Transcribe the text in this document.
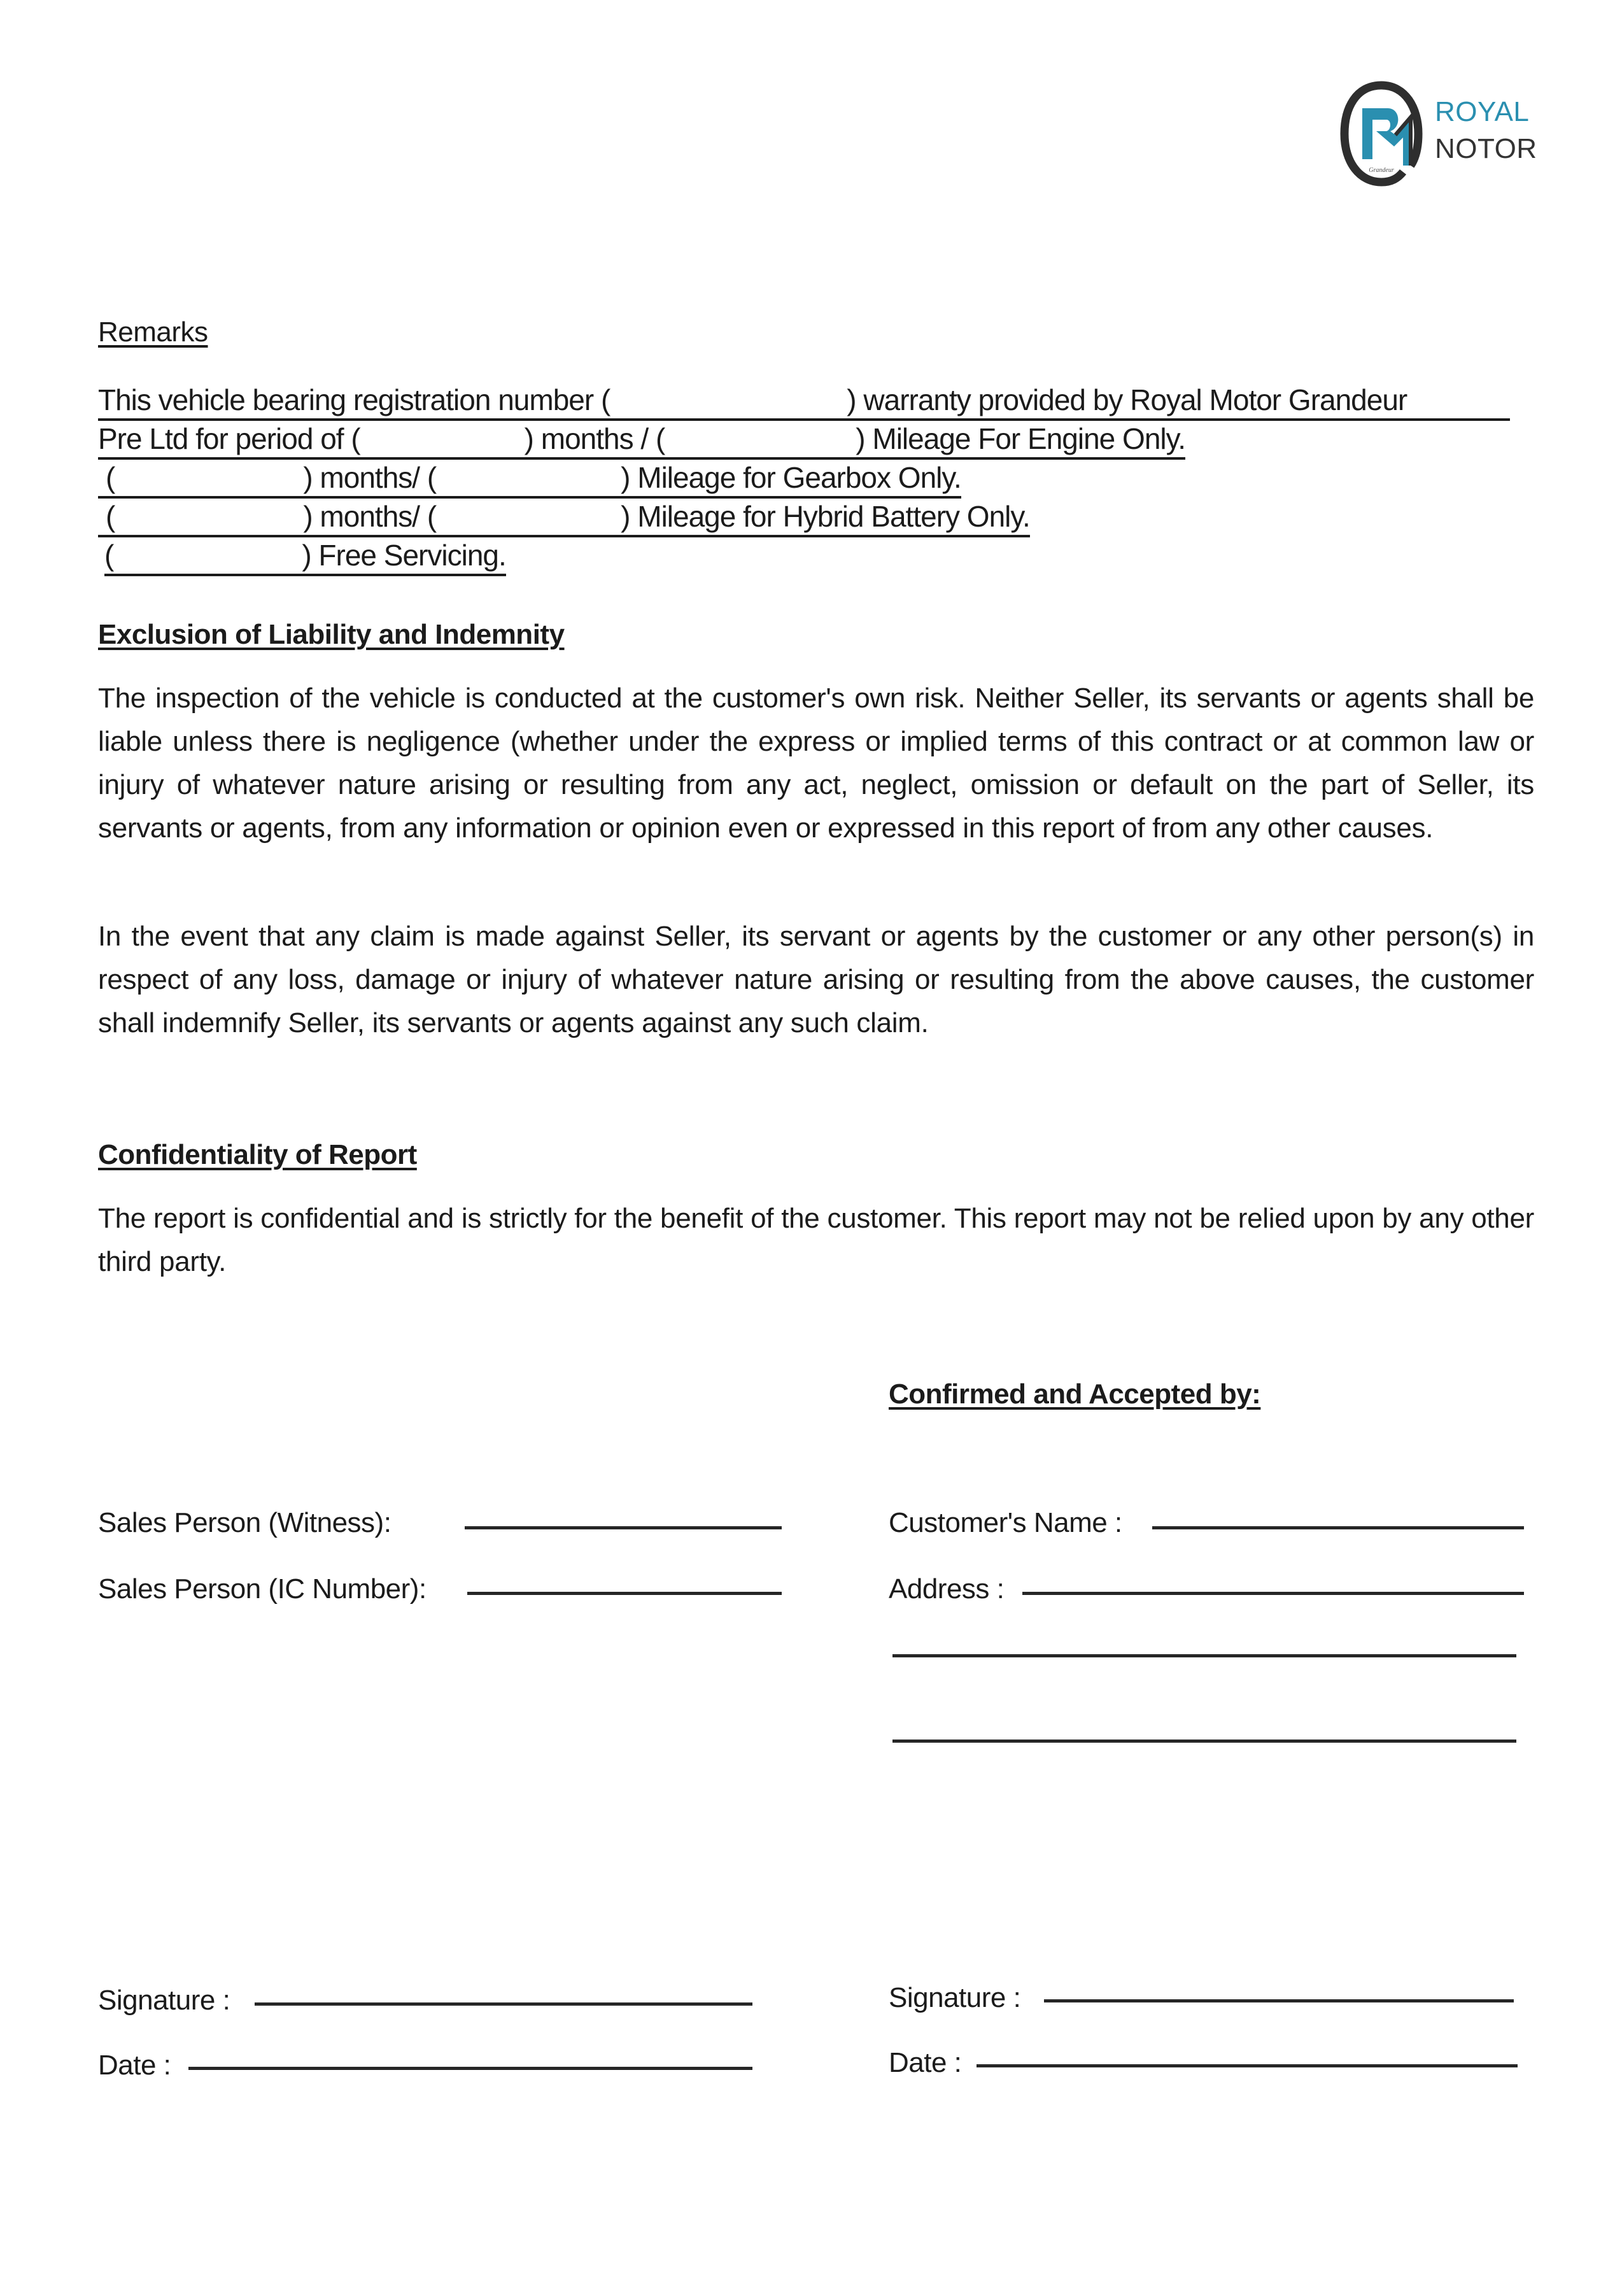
Grandeur
ROYAL
NOTOR
Remarks
This vehicle bearing registration number (	) warranty provided by Royal Motor Grandeur
Pre Ltd for period of (	) months / (	) Mileage For Engine Only.
(	) months/ (	) Mileage for Gearbox Only.
(	) months/ (	) Mileage for Hybrid Battery Only.
(	) Free Servicing.
Exclusion of Liability and Indemnity
The inspection of the vehicle is conducted at the customer's own risk. Neither Seller, its servants or agents shall be liable unless there is negligence (whether under the express or implied terms of this contract or at common law or injury of whatever nature arising or resulting from any act, neglect, omission or default on the part of Seller, its servants or agents, from any information or opinion even or expressed in this report of from any other causes.
In the event that any claim is made against Seller, its servant or agents by the customer or any other person(s) in respect of any loss, damage or injury of whatever nature arising or resulting from the above causes, the customer shall indemnify Seller, its servants or agents against any such claim.
Confidentiality of Report
The report is confidential and is strictly for the benefit of the customer. This report may not be relied upon by any other third party.
Confirmed and Accepted by:
Sales Person (Witness):
Sales Person (IC Number):
Signature :
Date :
Customer's Name :
Address :
Signature :
Date :
